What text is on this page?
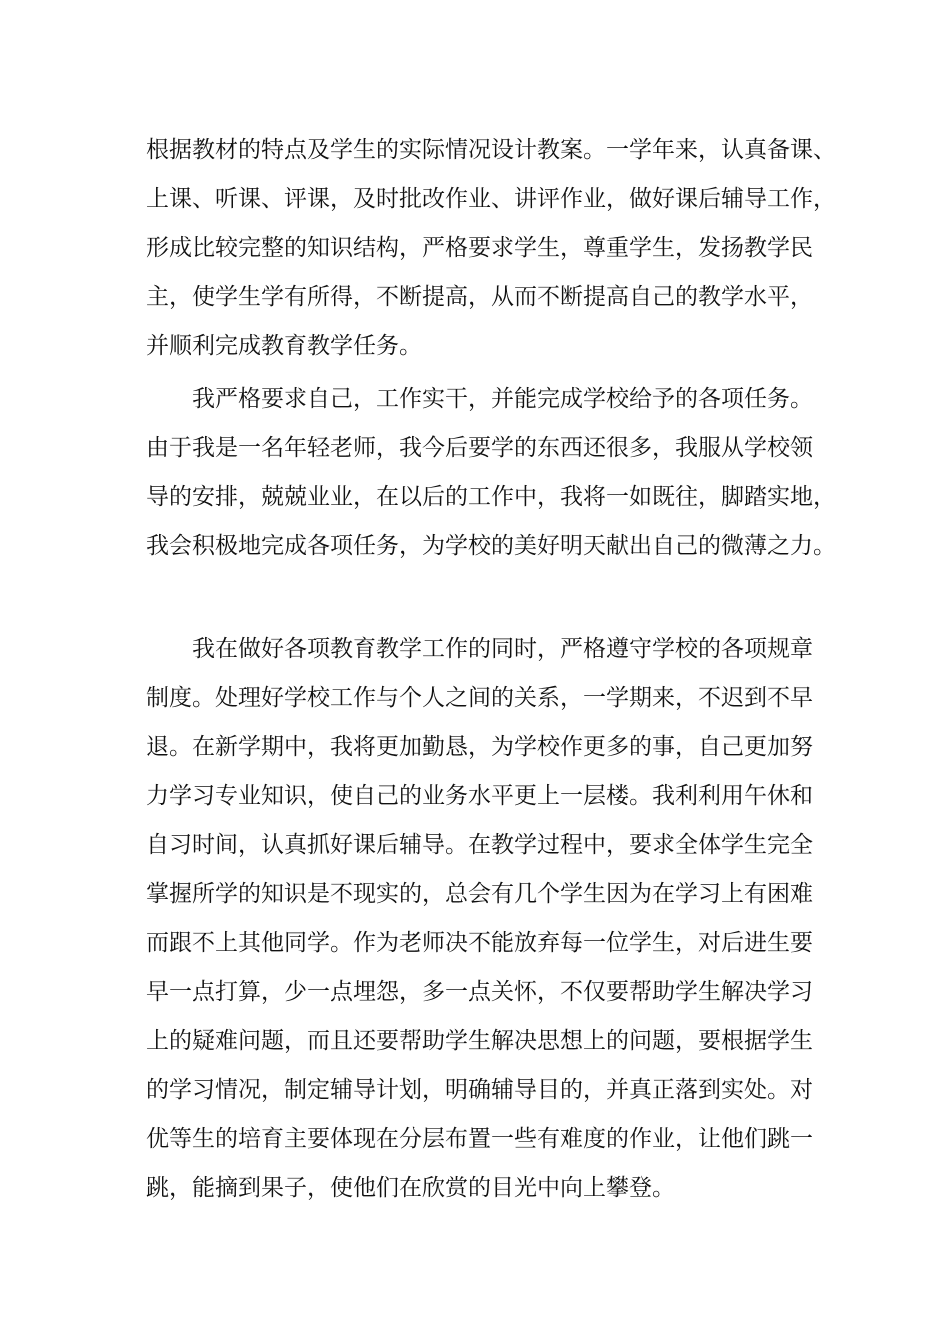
根据教材的特点及学生的实际情况设计教案。一学年来，认真备课、
上课、听课、评课，及时批改作业、讲评作业，做好课后辅导工作，
形成比较完整的知识结构，严格要求学生，尊重学生，发扬教学民
主，使学生学有所得，不断提高，从而不断提高自己的教学水平，
并顺利完成教育教学任务。
我严格要求自己，工作实干，并能完成学校给予的各项任务。
由于我是一名年轻老师，我今后要学的东西还很多，我服从学校领
导的安排，兢兢业业，在以后的工作中，我将一如既往，脚踏实地，
我会积极地完成各项任务，为学校的美好明天献出自己的微薄之力。
我在做好各项教育教学工作的同时，严格遵守学校的各项规章
制度。处理好学校工作与个人之间的关系，一学期来，不迟到不早
退。在新学期中，我将更加勤恳，为学校作更多的事，自己更加努
力学习专业知识，使自己的业务水平更上一层楼。我利利用午休和
自习时间，认真抓好课后辅导。在教学过程中，要求全体学生完全
掌握所学的知识是不现实的，总会有几个学生因为在学习上有困难
而跟不上其他同学。作为老师决不能放弃每一位学生，对后进生要
早一点打算，少一点埋怨，多一点关怀，不仅要帮助学生解决学习
上的疑难问题，而且还要帮助学生解决思想上的问题，要根据学生
的学习情况，制定辅导计划，明确辅导目的，并真正落到实处。对
优等生的培育主要体现在分层布置一些有难度的作业，让他们跳一
跳，能摘到果子，使他们在欣赏的目光中向上攀登。
